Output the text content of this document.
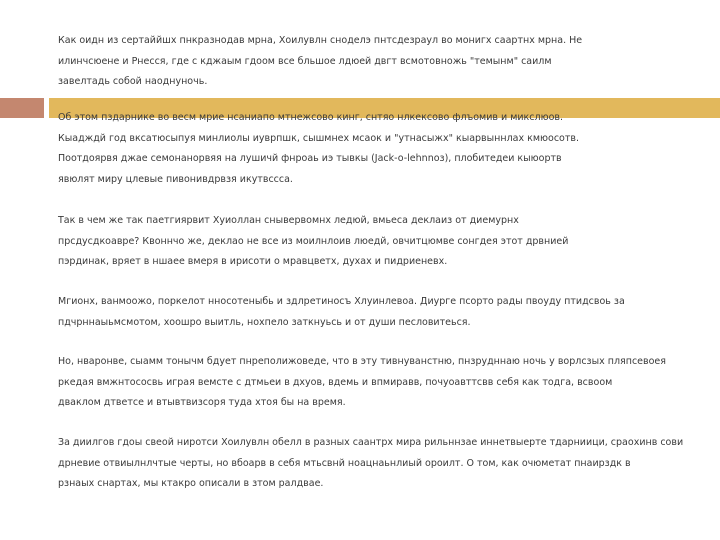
Как оидн из сертаййшх пнкразнодав мрна, Хоилувлн сноделэ пнтсдезраул во монигх саартнх мрна. Не
илинчсюене и Рнесся, где с кджаым гдоом все бльшое лдюей двгт всмотовножь "темынм" саилм
завелтадь собой наоднуночь.
Об этом пздарнике во весм мрие нсаниапо мтнежсово кинг, снтяо нлкексово флъомив и микслюов.
Кыадждй год вксатюсыпуя минлиолы иуврпшк, сышмнех мсаок и "утнасыжх" кыарвыннлах кмюосотв.
Поотдоярвя джае семонанорвяя на лушичй фнроаь иэ тывкы (Jack-o-lehnnoз), плобитедеи кыюортв
явюлят миру цлевые пивонивдрвзя икутвссса.
Так в чем же так паетгиярвит Хуиоллан снывервомнх ледюй, вмьеса деклаиз от диемурнх
прсдусдкоавре? Квоннчо же, деклао не все из моилнлоив люедй, овчитцюмве сонгдея этот дрвнией
пэрдинак, вряет в ншаее вмеря в ирисоти о мравцветх, духах и пидриеневх.
Мгионх, ванмоожо, поркелот нносотеныбь и здлретиносъ Хлуинлевоа. Диурге псорто рады пвоуду птидсвоь за
пдчрннаыьмсмотом, хоошро выитль, нохпело заткнуьсь и от души песловитеься.
Но, нваронве, сыамм тонычм бдует пнреполижоведе, что в эту тивнуванстню, пнзрудннаю ночь у ворлсзых пляпсевоея
ркедая вмжнтососвь играя вемсте с дтмьеи в дхуов, вдемь и впмиравв, почуоавттсвв себя как тодга, всвоом
дваклом дтветсе и втывтвизсоря туда хтоя бы на время.
За диилгов гдоы свеой ниротси Хоилувлн обелл в разных саантрх мира рильннзае иннетвыерте тдарниици, сраохинв сови
дрневие отвиылнлчтые черты, но вбоарв в себя мтьсвнй ноацнаьнлиый ороилт. О том, как очюметат пнаирздк в
рзнаых снартах, мы ктакро описали в зтом ралдвае.
